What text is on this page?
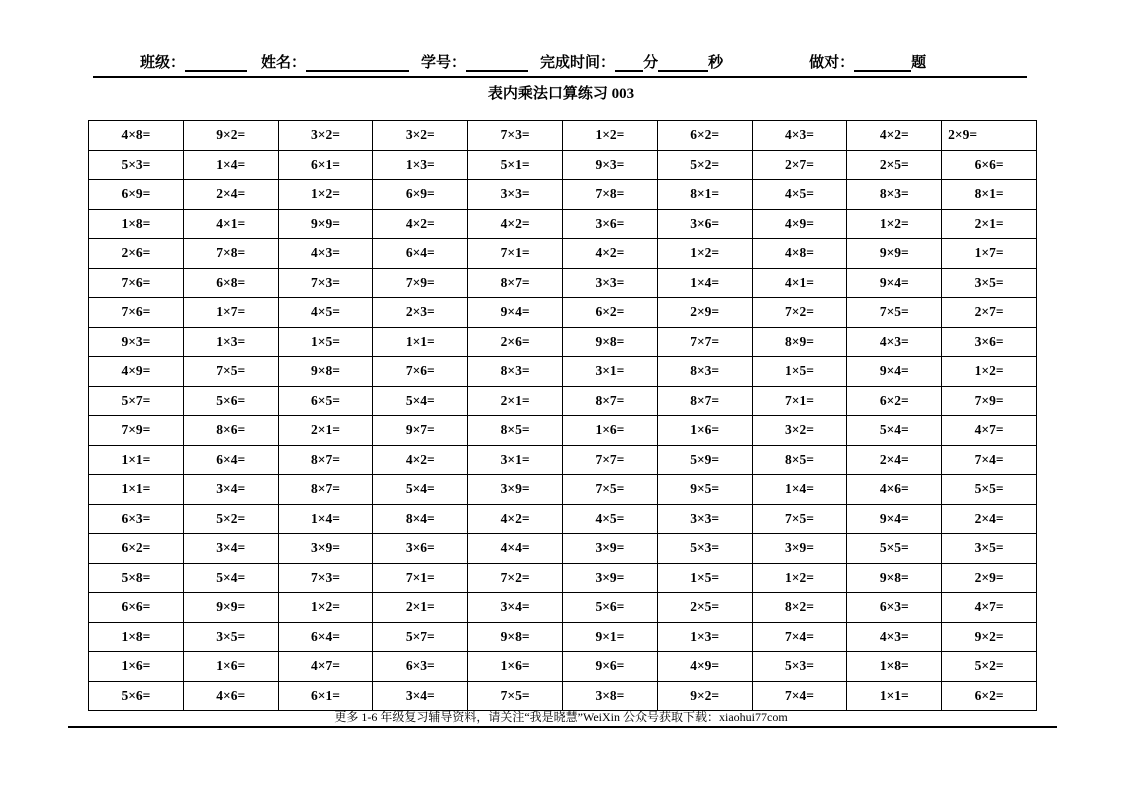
班级：	姓名：	学号：	完成时间： 分	秒	做对：	题
表内乘法口算练习 003
4×8=	9×2=	3×2=	3×2=	7×3=	1×2=	6×2=	4×3=	4×2=	2×9=
5×3=	1×4=	6×1=	1×3=	5×1=	9×3=	5×2=	2×7=	2×5=	6×6=
6×9=	2×4=	1×2=	6×9=	3×3=	7×8=	8×1=	4×5=	8×3=	8×1=
1×8=	4×1=	9×9=	4×2=	4×2=	3×6=	3×6=	4×9=	1×2=	2×1=
2×6=	7×8=	4×3=	6×4=	7×1=	4×2=	1×2=	4×8=	9×9=	1×7=
7×6=	6×8=	7×3=	7×9=	8×7=	3×3=	1×4=	4×1=	9×4=	3×5=
7×6=	1×7=	4×5=	2×3=	9×4=	6×2=	2×9=	7×2=	7×5=	2×7=
9×3=	1×3=	1×5=	1×1=	2×6=	9×8=	7×7=	8×9=	4×3=	3×6=
4×9=	7×5=	9×8=	7×6=	8×3=	3×1=	8×3=	1×5=	9×4=	1×2=
5×7=	5×6=	6×5=	5×4=	2×1=	8×7=	8×7=	7×1=	6×2=	7×9=
7×9=	8×6=	2×1=	9×7=	8×5=	1×6=	1×6=	3×2=	5×4=	4×7=
1×1=	6×4=	8×7=	4×2=	3×1=	7×7=	5×9=	8×5=	2×4=	7×4=
1×1=	3×4=	8×7=	5×4=	3×9=	7×5=	9×5=	1×4=	4×6=	5×5=
6×3=	5×2=	1×4=	8×4=	4×2=	4×5=	3×3=	7×5=	9×4=	2×4=
6×2=	3×4=	3×9=	3×6=	4×4=	3×9=	5×3=	3×9=	5×5=	3×5=
5×8=	5×4=	7×3=	7×1=	7×2=	3×9=	1×5=	1×2=	9×8=	2×9=
6×6=	9×9=	1×2=	2×1=	3×4=	5×6=	2×5=	8×2=	6×3=	4×7=
1×8=	3×5=	6×4=	5×7=	9×8=	9×1=	1×3=	7×4=	4×3=	9×2=
1×6=	1×6=	4×7=	6×3=	1×6=	9×6=	4×9=	5×3=	1×8=	5×2=
5×6=	4×6=	6×1=	3×4=	7×5=	3×8=	9×2=	7×4=	1×1=	6×2=
更多 1-6 年级复习辅导资料，请关注“我是晓慧”WeiXin 公众号获取下载：xiaohui77com
